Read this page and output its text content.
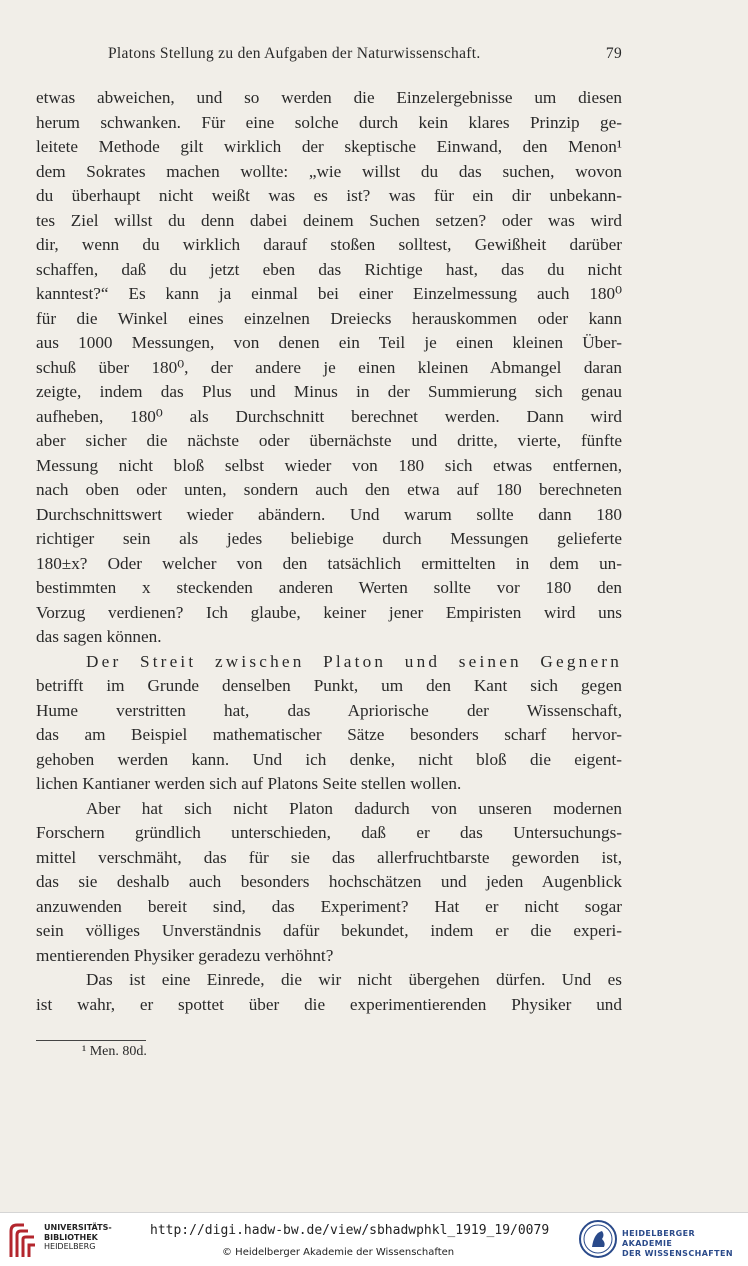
Platons Stellung zu den Aufgaben der Naturwissenschaft.	79
etwas abweichen, und so werden die Einzelergebnisse um diesen
herum schwanken. Für eine solche durch kein klares Prinzip ge-
leitete Methode gilt wirklich der skeptische Einwand, den Menon¹
dem Sokrates machen wollte: „wie willst du das suchen, wovon
du überhaupt nicht weißt was es ist? was für ein dir unbekann-
tes Ziel willst du denn dabei deinem Suchen setzen? oder was wird
dir, wenn du wirklich darauf stoßen solltest, Gewißheit darüber
schaffen, daß du jetzt eben das Richtige hast, das du nicht
kanntest?“ Es kann ja einmal bei einer Einzelmessung auch 180⁰
für die Winkel eines einzelnen Dreiecks herauskommen oder kann
aus 1000 Messungen, von denen ein Teil je einen kleinen Über-
schuß über 180⁰, der andere je einen kleinen Abmangel daran
zeigte, indem das Plus und Minus in der Summierung sich genau
aufheben, 180⁰ als Durchschnitt berechnet werden. Dann wird
aber sicher die nächste oder übernächste und dritte, vierte, fünfte
Messung nicht bloß selbst wieder von 180 sich etwas entfernen,
nach oben oder unten, sondern auch den etwa auf 180 berechneten
Durchschnittswert wieder abändern. Und warum sollte dann 180
richtiger sein als jedes beliebige durch Messungen gelieferte
180±x? Oder welcher von den tatsächlich ermittelten in dem un-
bestimmten x steckenden anderen Werten sollte vor 180 den
Vorzug verdienen? Ich glaube, keiner jener Empiristen wird uns
das sagen können.
Der Streit zwischen Platon und seinen Gegnern
betrifft im Grunde denselben Punkt, um den Kant sich gegen
Hume verstritten hat, das Apriorische der Wissenschaft,
das am Beispiel mathematischer Sätze besonders scharf hervor-
gehoben werden kann. Und ich denke, nicht bloß die eigent-
lichen Kantianer werden sich auf Platons Seite stellen wollen.
Aber hat sich nicht Platon dadurch von unseren modernen
Forschern gründlich unterschieden, daß er das Untersuchungs-
mittel verschmäht, das für sie das allerfruchtbarste geworden ist,
das sie deshalb auch besonders hochschätzen und jeden Augenblick
anzuwenden bereit sind, das Experiment? Hat er nicht sogar
sein völliges Unverständnis dafür bekundet, indem er die experi-
mentierenden Physiker geradezu verhöhnt?
Das ist eine Einrede, die wir nicht übergehen dürfen. Und es
ist wahr, er spottet über die experimentierenden Physiker und
¹ Men. 80d.
UNIVERSITÄTS-
BIBLIOTHEK
HEIDELBERG
http://digi.hadw-bw.de/view/sbhadwphkl_1919_19/0079
© Heidelberger Akademie der Wissenschaften
HEIDELBERGER AKADEMIE
DER WISSENSCHAFTEN
